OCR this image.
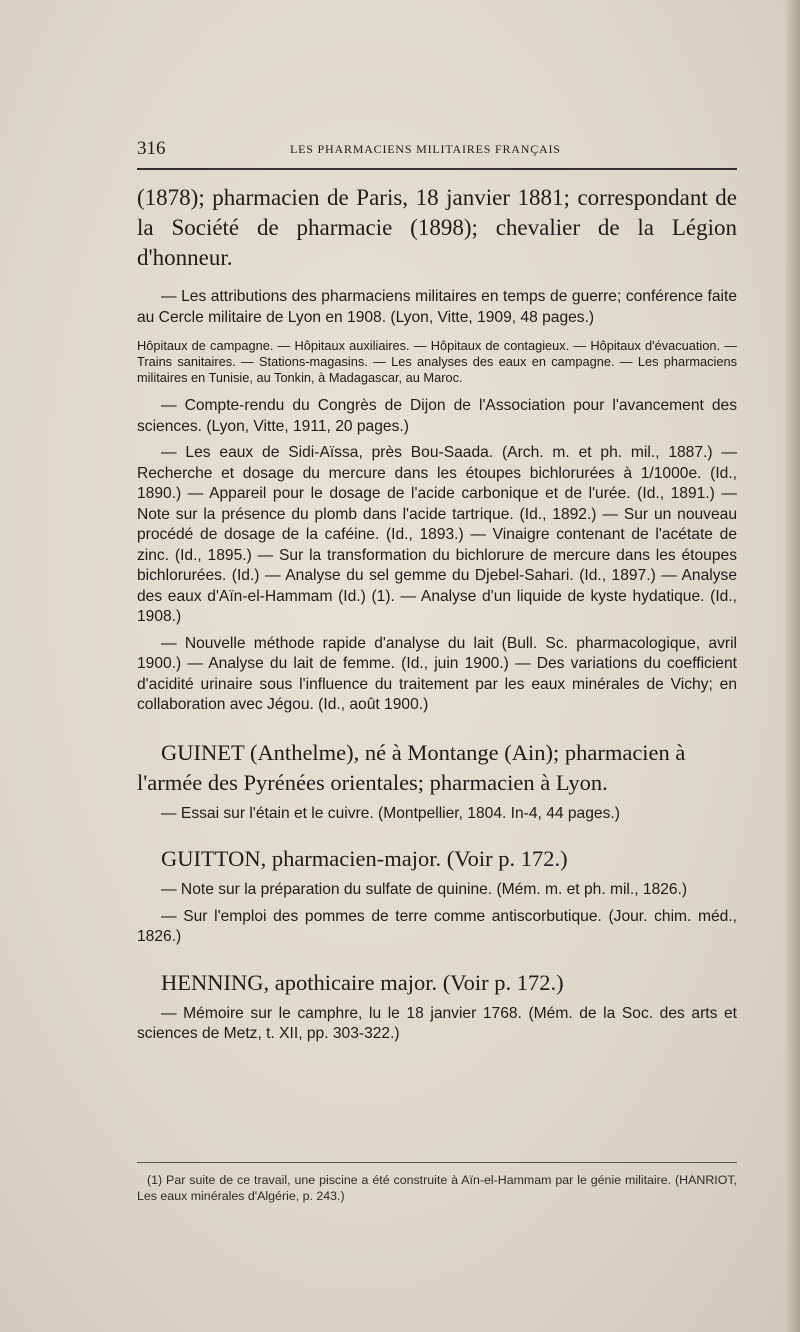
316	LES PHARMACIENS MILITAIRES FRANÇAIS

(1878); pharmacien de Paris, 18 janvier 1881; correspondant de la Société de pharmacie (1898); chevalier de la Légion d'honneur.

— Les attributions des pharmaciens militaires en temps de guerre; conférence faite au Cercle militaire de Lyon en 1908. (Lyon, Vitte, 1909, 48 pages.)

Hôpitaux de campagne. — Hôpitaux auxiliaires. — Hôpitaux de contagieux. — Hôpitaux d'évacuation. — Trains sanitaires. — Stations-magasins. — Les analyses des eaux en campagne. — Les pharmaciens militaires en Tunisie, au Tonkin, à Madagascar, au Maroc.

— Compte-rendu du Congrès de Dijon de l'Association pour l'avancement des sciences. (Lyon, Vitte, 1911, 20 pages.)

— Les eaux de Sidi-Aïssa, près Bou-Saada. (Arch. m. et ph. mil., 1887.) — Recherche et dosage du mercure dans les étoupes bichlorurées à 1/1000e. (Id., 1890.) — Appareil pour le dosage de l'acide carbonique et de l'urée. (Id., 1891.) — Note sur la présence du plomb dans l'acide tartrique. (Id., 1892.) — Sur un nouveau procédé de dosage de la caféine. (Id., 1893.) — Vinaigre contenant de l'acétate de zinc. (Id., 1895.) — Sur la transformation du bichlorure de mercure dans les étoupes bichlorurées. (Id.) — Analyse du sel gemme du Djebel-Sahari. (Id., 1897.) — Analyse des eaux d'Aïn-el-Hammam (Id.) (1). — Analyse d'un liquide de kyste hydatique. (Id., 1908.)

— Nouvelle méthode rapide d'analyse du lait (Bull. Sc. pharmacologique, avril 1900.) — Analyse du lait de femme. (Id., juin 1900.) — Des variations du coefficient d'acidité urinaire sous l'influence du traitement par les eaux minérales de Vichy; en collaboration avec Jégou. (Id., août 1900.)

GUINET (Anthelme), né à Montange (Ain); pharmacien à l'armée des Pyrénées orientales; pharmacien à Lyon.

— Essai sur l'étain et le cuivre. (Montpellier, 1804. In-4, 44 pages.)

GUITTON, pharmacien-major. (Voir p. 172.)

— Note sur la préparation du sulfate de quinine. (Mém. m. et ph. mil., 1826.)

— Sur l'emploi des pommes de terre comme antiscorbutique. (Jour. chim. méd., 1826.)

HENNING, apothicaire major. (Voir p. 172.)

— Mémoire sur le camphre, lu le 18 janvier 1768. (Mém. de la Soc. des arts et sciences de Metz, t. XII, pp. 303-322.)

(1) Par suite de ce travail, une piscine a été construite à Aïn-el-Hammam par le génie militaire. (HANRIOT, Les eaux minérales d'Algérie, p. 243.)
